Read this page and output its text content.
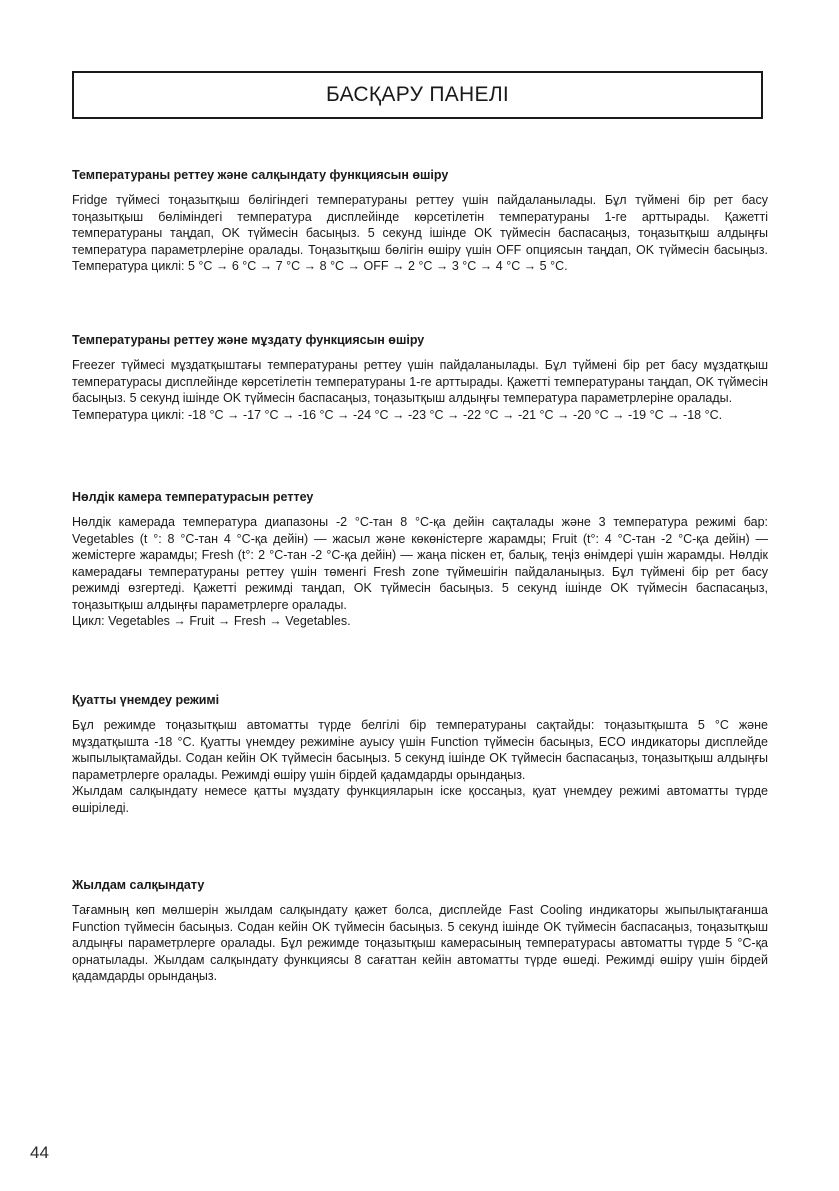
БАСҚАРУ ПАНЕЛІ
Температураны реттеу және салқындату функциясын өшіру

Fridge түймесі тоңазытқыш бөлігіндегі температураны реттеу үшін пайдаланылады. Бұл түймені бір рет басу тоңазытқыш бөліміндегі температура дисплейінде көрсетілетін температураны 1-ге арттырады. Қажетті температураны таңдап, OK түймесін басыңыз. 5 секунд ішінде OK түймесін баспасаңыз, тоңазытқыш алдыңғы температура параметрлеріне оралады. Тоңазытқыш бөлігін өшіру үшін OFF опциясын таңдап, OK түймесін басыңыз. Температура циклі: 5 °C → 6 °C → 7 °C → 8 °C → OFF → 2 °C → 3 °C → 4 °C → 5 °C.

Температураны реттеу және мұздату функциясын өшіру

Freezer түймесі мұздатқыштағы температураны реттеу үшін пайдаланылады. Бұл түймені бір рет басу мұздатқыш температурасы дисплейінде көрсетілетін температураны 1-ге арттырады. Қажетті температураны таңдап, OK түймесін басыңыз. 5 секунд ішінде OK түймесін баспасаңыз, тоңазытқыш алдыңғы температура параметрлеріне оралады.

Температура циклі: -18 °C → -17 °C → -16 °C → -24 °C → -23 °C → -22 °C → -21 °C → -20 °C → -19 °C → -18 °C.

Нөлдік камера температурасын реттеу

Нөлдік камерада температура диапазоны -2 °C-тан 8 °C-қа дейін сақталады және 3 температура режимі бар: Vegetables (t °: 8 °C-тан 4 °C-қа дейін) — жасыл және көкөністерге жарамды; Fruit (t°: 4 °C-тан -2 °C-қа дейін) — жемістерге жарамды; Fresh (t°: 2 °C-тан -2 °C-қа дейін) — жаңа піскен ет, балық, теңіз өнімдері үшін жарамды. Нөлдік камерадағы температураны реттеу үшін төменгі Fresh zone түймешігін пайдаланыңыз. Бұл түймені бір рет басу режимді өзгертеді. Қажетті режимді таңдап, OK түймесін басыңыз. 5 секунд ішінде OK түймесін баспасаңыз, тоңазытқыш алдыңғы параметрлерге оралады.

Цикл: Vegetables → Fruit → Fresh → Vegetables.

Қуатты үнемдеу режимі

Бұл режимде тоңазытқыш автоматты түрде белгілі бір температураны сақтайды: тоңазытқышта 5 °C және мұздатқышта -18 °C. Қуатты үнемдеу режиміне ауысу үшін Function түймесін басыңыз, ECO индикаторы дисплейде жыпылықтамайды. Содан кейін OK түймесін басыңыз. 5 секунд ішінде OK түймесін баспасаңыз, тоңазытқыш алдыңғы параметрлерге оралады. Режимді өшіру үшін бірдей қадамдарды орындаңыз.

Жылдам салқындату немесе қатты мұздату функцияларын іске қоссаңыз, қуат үнемдеу режимі автоматты түрде өшіріледі.

Жылдам салқындату

Тағамның көп мөлшерін жылдам салқындату қажет болса, дисплейде Fast Cooling индикаторы жыпылықтағанша Function түймесін басыңыз. Содан кейін OK түймесін басыңыз. 5 секунд ішінде OK түймесін баспасаңыз, тоңазытқыш алдыңғы параметрлерге оралады. Бұл режимде тоңазытқыш камерасының температурасы автоматты түрде 5 °C-қа орнатылады. Жылдам салқындату функциясы 8 сағаттан кейін автоматты түрде өшеді. Режимді өшіру үшін бірдей қадамдарды орындаңыз.

44
